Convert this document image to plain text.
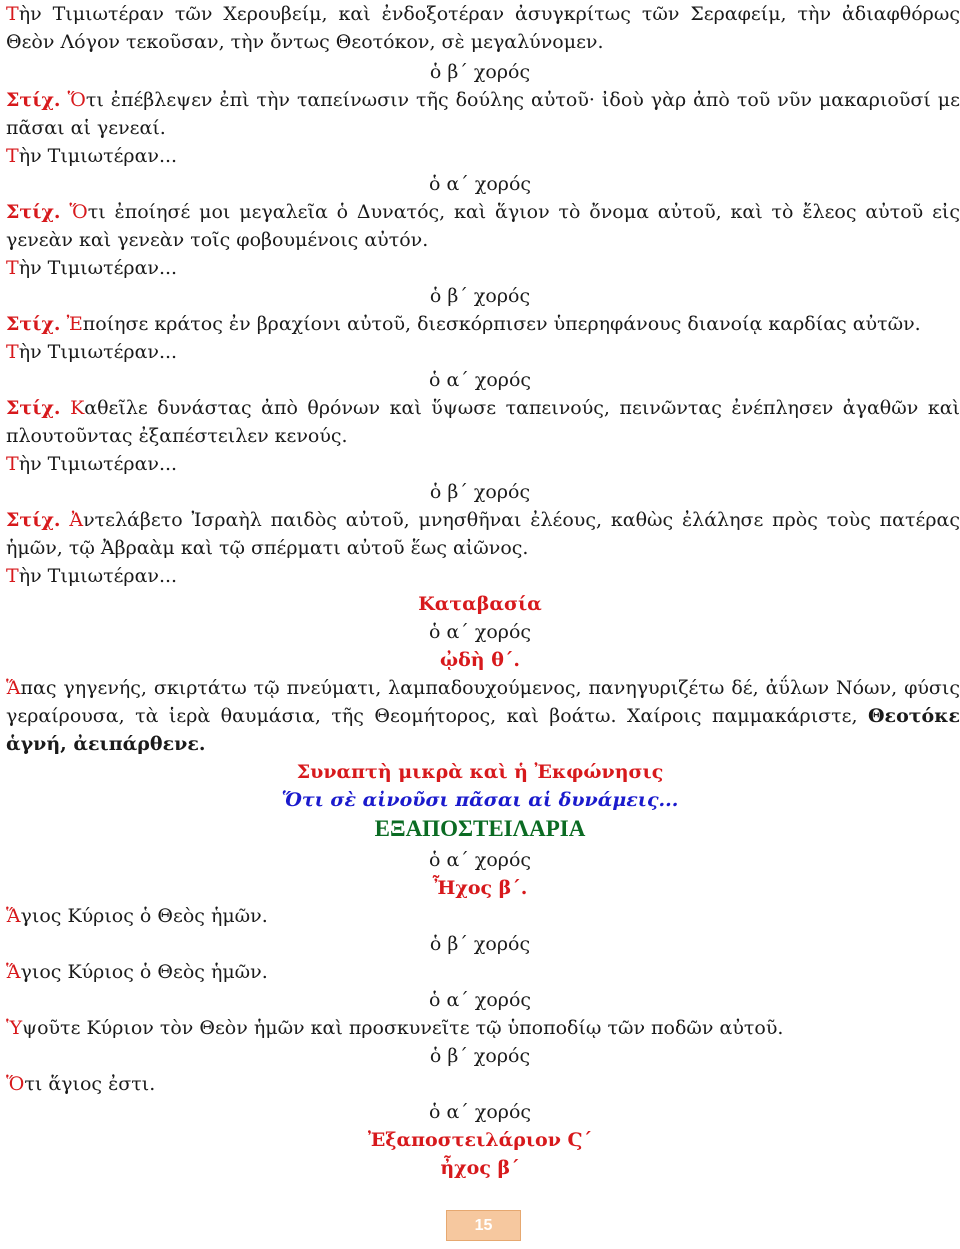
Τὴν Τιμιωτέραν τῶν Χερουβείμ, καὶ ἐνδοξοτέραν ἀσυγκρίτως τῶν Σεραφείμ, τὴν ἀδιαφθόρως Θεὸν Λόγον τεκοῦσαν, τὴν ὄντως Θεοτόκον, σὲ μεγαλύνομεν.
ὁ β΄ χορός
Στίχ. Ὅτι ἐπέβλεψεν ἐπὶ τὴν ταπείνωσιν τῆς δούλης αὐτοῦ· ἰδοὺ γὰρ ἀπὸ τοῦ νῦν μακαριοῦσί με πᾶσαι αἱ γενεαί.
Τὴν Τιμιωτέραν...
ὁ α΄ χορός
Στίχ. Ὅτι ἐποίησέ μοι μεγαλεῖα ὁ Δυνατός, καὶ ἅγιον τὸ ὄνομα αὐτοῦ, καὶ τὸ ἔλεος αὐτοῦ εἰς γενεὰν καὶ γενεὰν τοῖς φοβουμένοις αὐτόν.
Τὴν Τιμιωτέραν...
ὁ β΄ χορός
Στίχ. Ἐποίησε κράτος ἐν βραχίονι αὐτοῦ, διεσκόρπισεν ὑπερηφάνους διανοίᾳ καρδίας αὐτῶν.
Τὴν Τιμιωτέραν...
ὁ α΄ χορός
Στίχ. Καθεῖλε δυνάστας ἀπὸ θρόνων καὶ ὕψωσε ταπεινούς, πεινῶντας ἐνέπλησεν ἀγαθῶν καὶ πλουτοῦντας ἐξαπέστειλεν κενούς.
Τὴν Τιμιωτέραν...
ὁ β΄ χορός
Στίχ. Ἀντελάβετο Ἰσραὴλ παιδὸς αὐτοῦ, μνησθῆναι ἐλέους, καθὼς ἐλάλησε πρὸς τοὺς πατέρας ἡμῶν, τῷ Ἀβραὰμ καὶ τῷ σπέρματι αὐτοῦ ἕως αἰῶνος.
Τὴν Τιμιωτέραν...
Καταβασία
ὁ α΄ χορός
ᾠδὴ θ΄.
Ἅπας γηγενής, σκιρτάτω τῷ πνεύματι, λαμπαδουχούμενος, πανηγυριζέτω δέ, ἀΰλων Νόων, φύσις γεραίρουσα, τὰ ἱερὰ θαυμάσια, τῆς Θεομήτορος, καὶ βοάτω. Χαίροις παμμακάριστε, Θεοτόκε ἁγνή, ἀειπάρθενε.
Συναπτὴ μικρὰ καὶ ἡ Ἐκφώνησις
Ὅτι σὲ αἰνοῦσι πᾶσαι αἱ δυνάμεις...
ΕΞΑΠΟΣΤΕΙΛΑΡΙΑ
ὁ α΄ χορός
Ἦχος β΄.
Ἅγιος Κύριος ὁ Θεὸς ἡμῶν.
ὁ β΄ χορός
Ἅγιος Κύριος ὁ Θεὸς ἡμῶν.
ὁ α΄ χορός
Ὑψοῦτε Κύριον τὸν Θεὸν ἡμῶν καὶ προσκυνεῖτε τῷ ὑποποδίῳ τῶν ποδῶν αὐτοῦ.
ὁ β΄ χορός
Ὅτι ἅγιος ἐστι.
ὁ α΄ χορός
Ἐξαποστειλάριον Ϛ΄
ἦχος β΄
15
